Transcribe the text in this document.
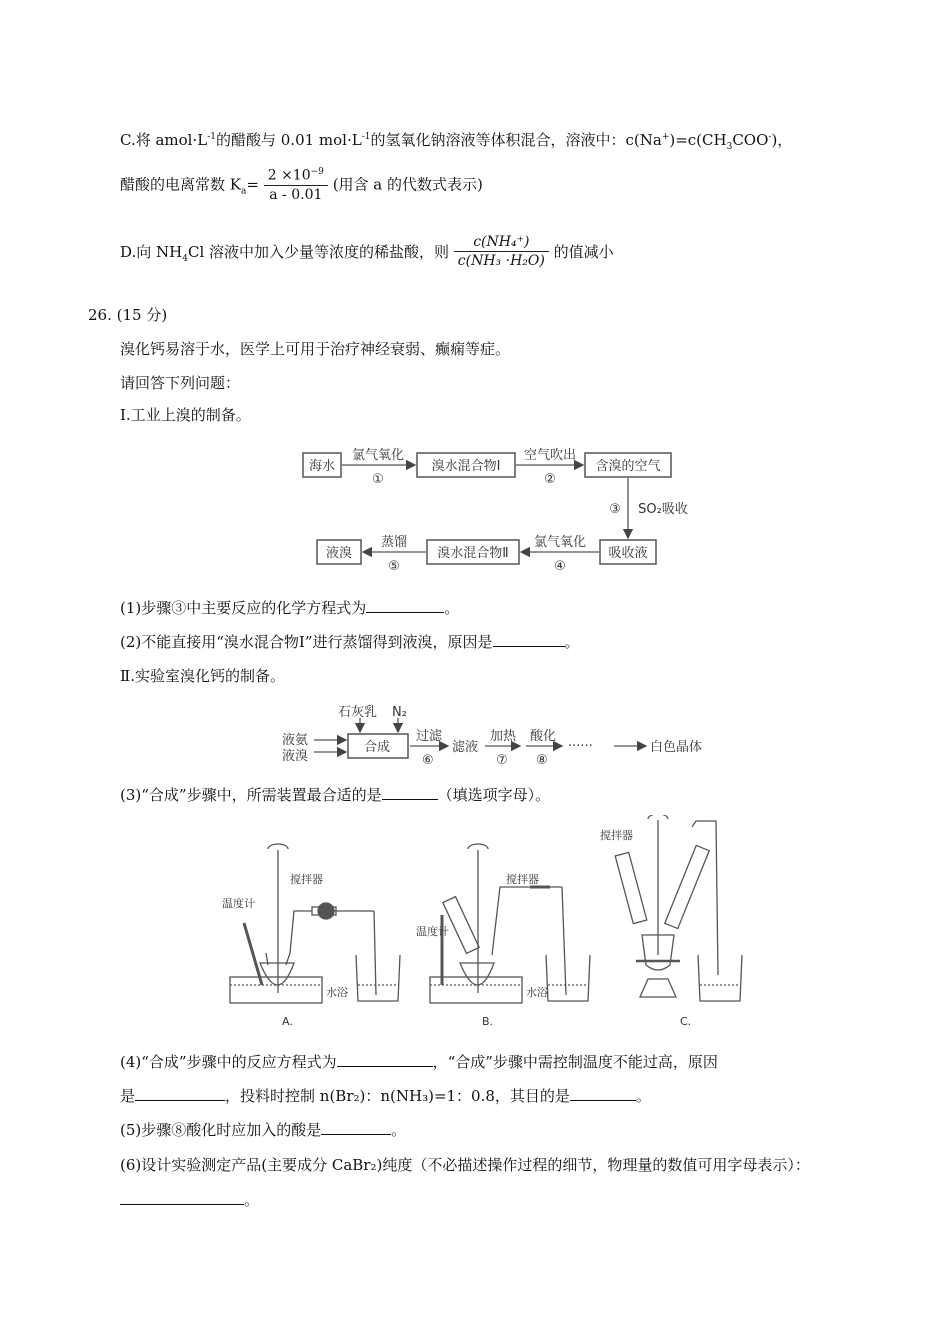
C.将 $amol\cdot L^{-1}$的醋酸与 0.01 $mol\cdot L^{-1}$的氢氧化钠溶液等体积混合，溶液中：$c(Na^+)=c(CH_3COO^-)$，
醋酸的电离常数 $K_a= \frac{2 \times 10^{-9}}{a - 0.01}$ (用含 a 的代数式表示)
D.向 $NH_4Cl$ 溶液中加入少量等浓度的稀盐酸，则 $\frac{\text{c(NH₄⁺)}}{\text{c(NH₃ ·H₂O)}}$ 的值减小
26. (15 分)
溴化钙易溶于水，医学上可用于治疗神经衰弱、癫痫等症。
请回答下列问题：
Ⅰ.工业上溴的制备。
海水	溴水混合物Ⅰ	含溴的空气
吸收液
溴水混合物Ⅱ
液溴
氯气氧化
①
空气吹出
②
③ SO₂吸收
氯气氧化
④
蒸馏
⑤
(1)步骤③中主要反应的化学方程式为	。
(2)不能直接用“溴水混合物Ⅰ”进行蒸馏得到液溴，原因是	。
Ⅱ.实验室溴化钙的制备。
液氨
液溴
石灰乳 N₂
合成
过滤
⑥
滤液
加热
⑦
酸化
⑧
······	白色晶体
(3)“合成”步骤中，所需装置最合适的是	（填选项字母）。
温度计
搅拌器
水浴
A.
温度计
搅拌器
水浴
B.
搅拌器
C.
(4)“合成”步骤中的反应方程式为	，“合成”步骤中需控制温度不能过高，原因
是	，投料时控制 n(Br₂)：n(NH₃)=1：0.8，其目的是	。
(5)步骤⑧酸化时应加入的酸是	。
(6)设计实验测定产品(主要成分 CaBr₂)纯度（不必描述操作过程的细节，物理量的数值可用字母表示）：
。
